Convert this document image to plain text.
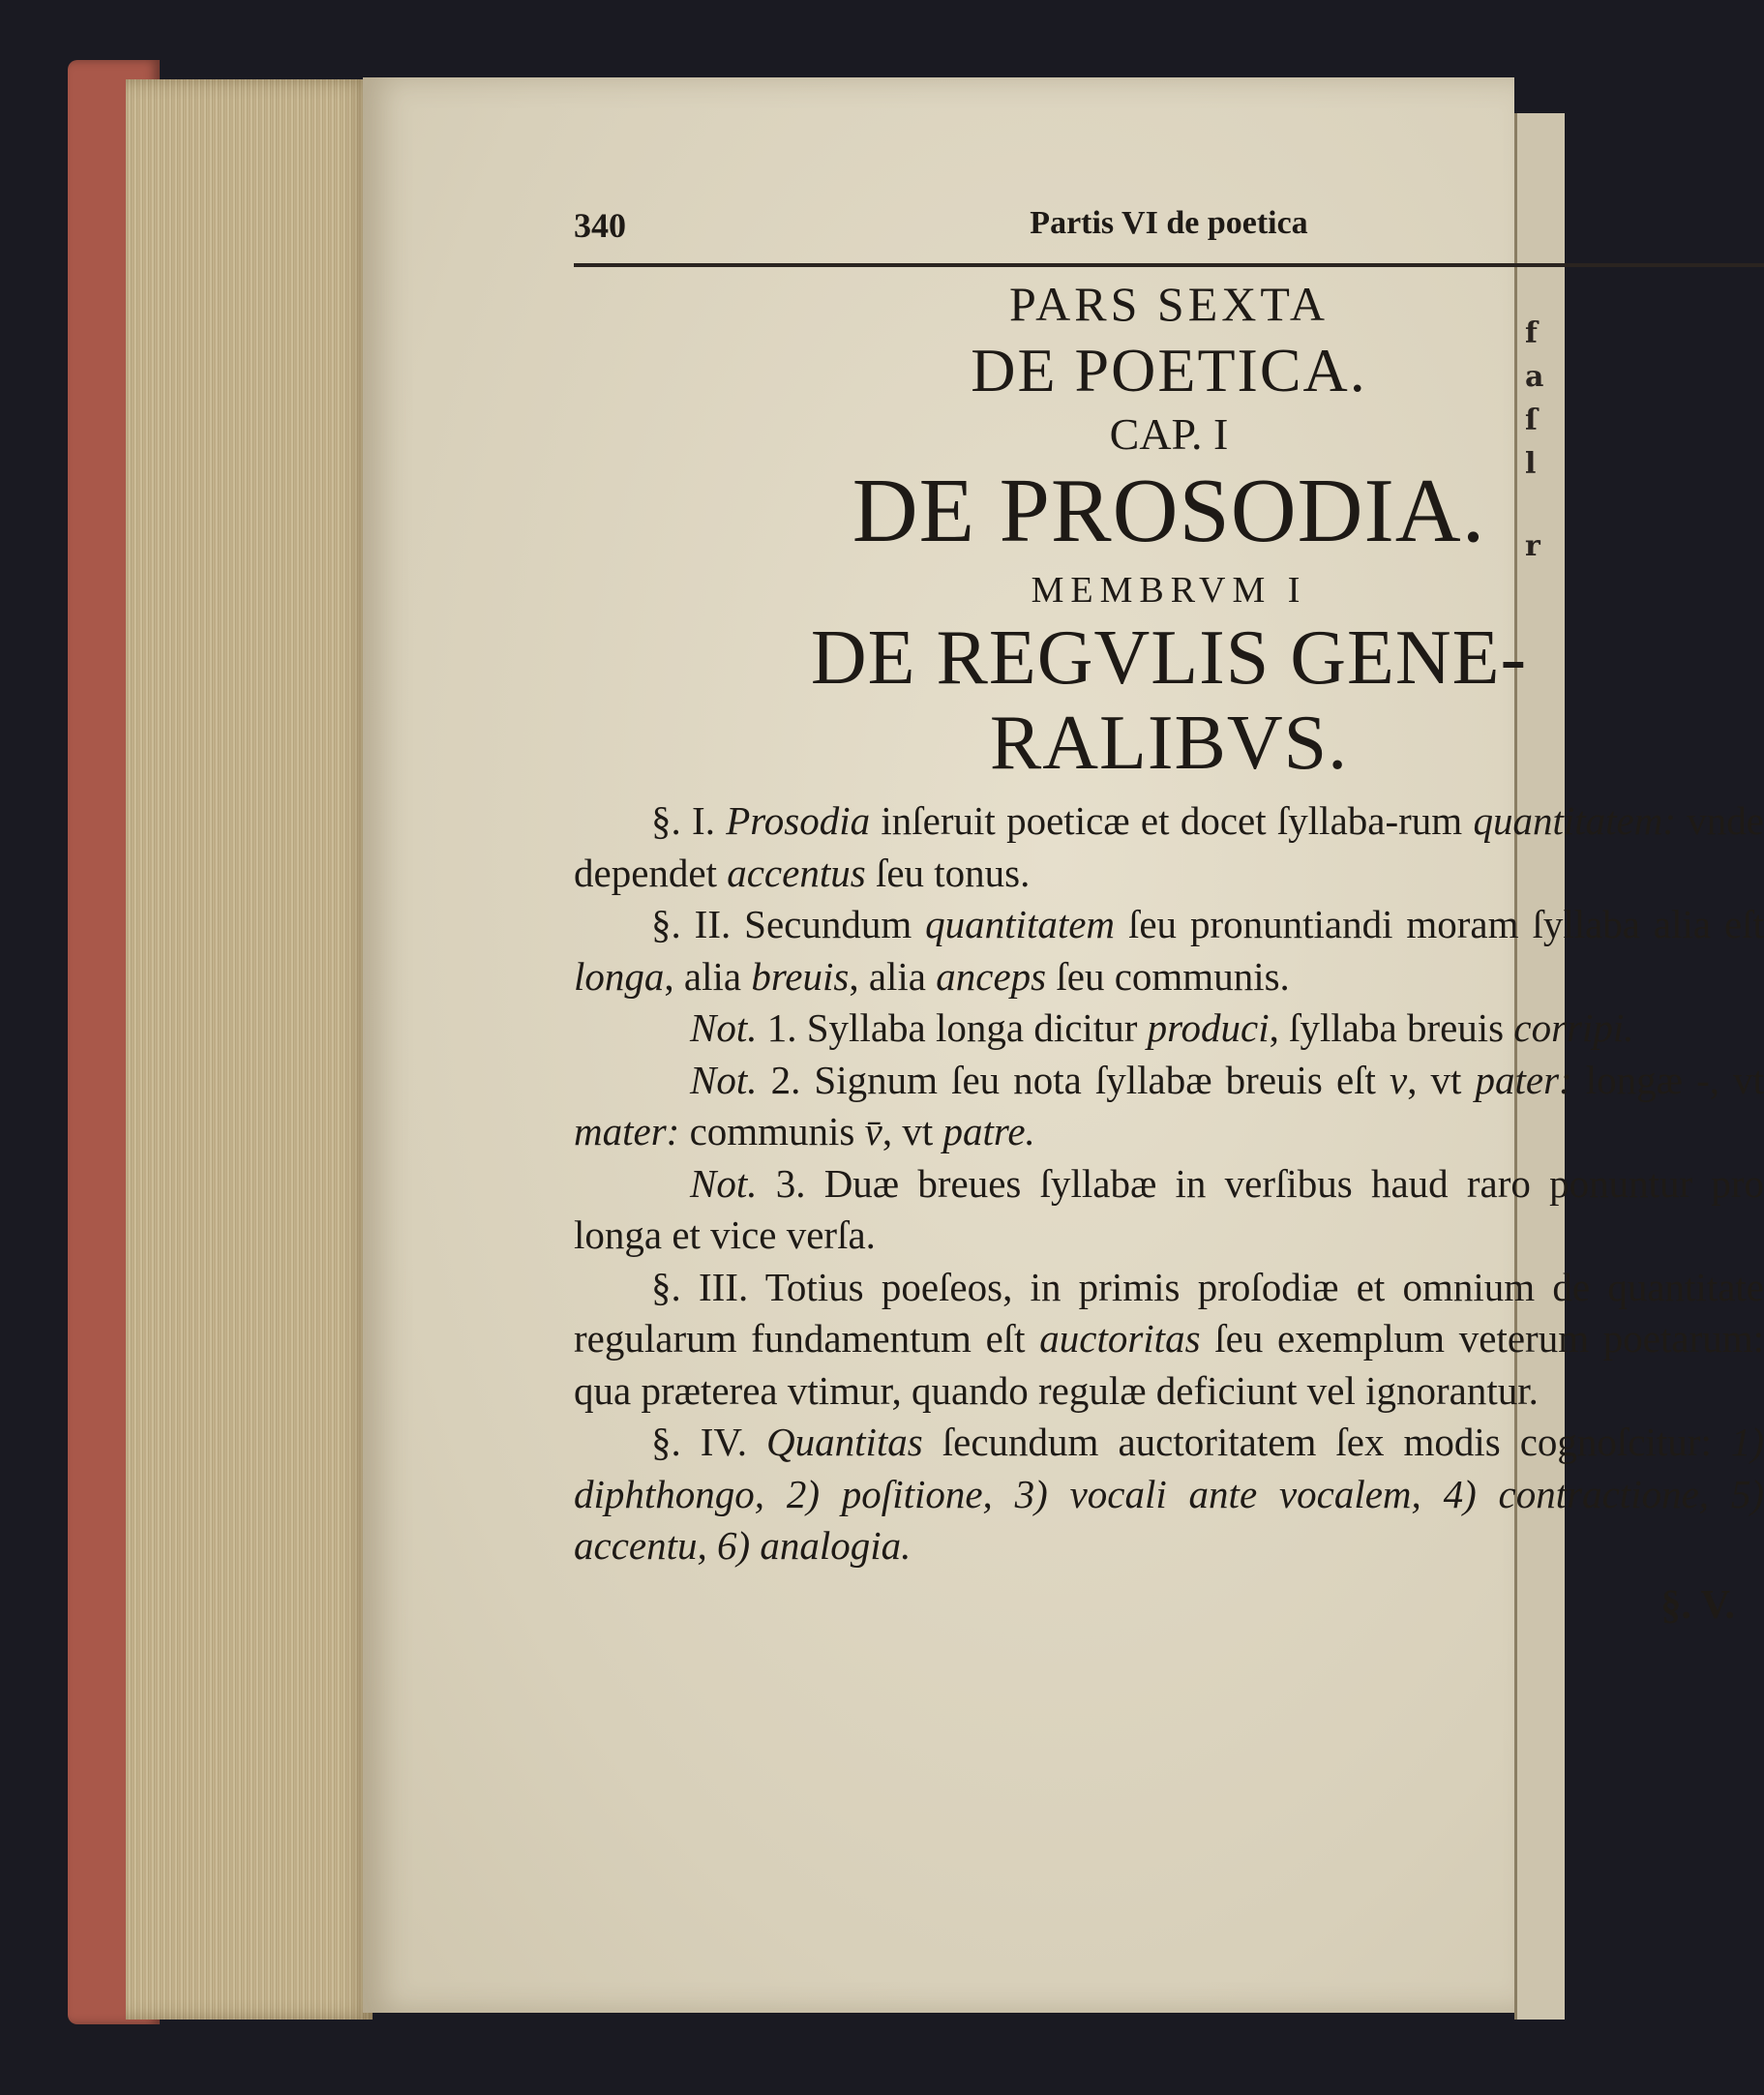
f
a
ſ
l
r
340	Partis VI de poetica

PARS SEXTA

DE POETICA.

CAP. I

DE PROSODIA.

MEMBRVM I

DE REGVLIS GENE-

RALIBVS.

§. I. Prosodia inſeruit poeticæ et docet ſyllaba-rum quantitatem: vnde dependet accentus ſeu tonus.

§. II. Secundum quantitatem ſeu pronuntiandi moram ſyllaba alia eſt longa, alia breuis, alia anceps ſeu communis.

Not. 1. Syllaba longa dicitur produci, ſyllaba breuis corripi.

Not. 2. Signum ſeu nota ſyllabæ breuis eſt v, vt pater: longæ -, vt mater: communis v̄, vt patre.

Not. 3. Duæ breues ſyllabæ in verſibus haud raro ponuntur pro longa et vice verſa.

§. III. Totius poeſeos, in primis proſodiæ et omnium de quantitate regularum fundamentum eſt auctoritas ſeu exemplum veterum poetarum: qua præterea vtimur, quando regulæ deficiunt vel ignorantur.

§. IV. Quantitas ſecundum auctoritatem ſex modis cognoſcitur: 1) diphthongo, 2) poſitione, 3) vocali ante vocalem, 4) contractione, 5) accentu, 6) analogia.

§. V.
